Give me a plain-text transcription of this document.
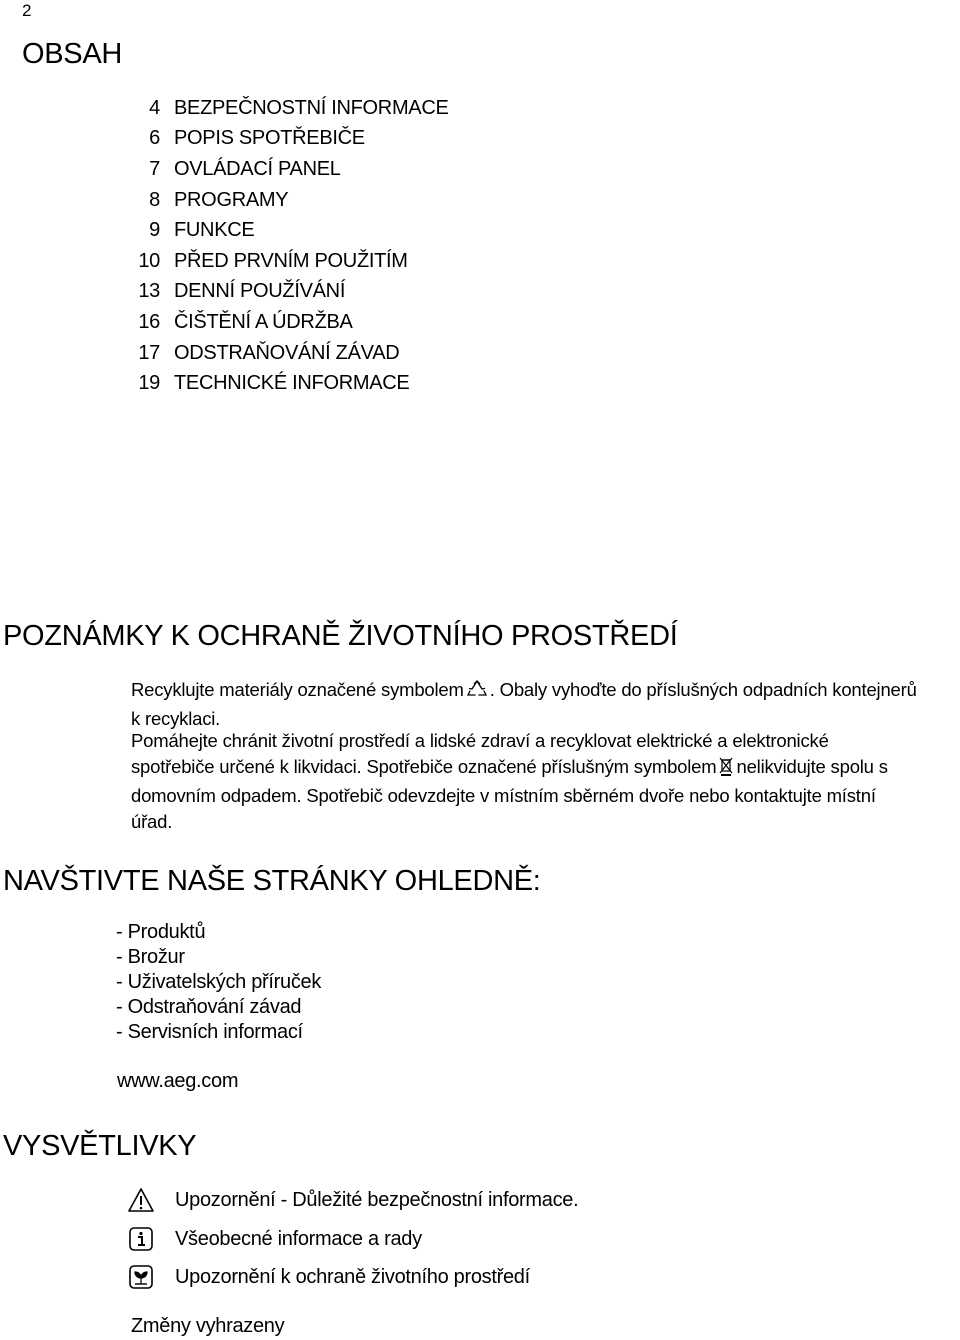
2
OBSAH
4 BEZPEČNOSTNÍ INFORMACE
6 POPIS SPOTŘEBIČE
7 OVLÁDACÍ PANEL
8 PROGRAMY
9 FUNKCE
10 PŘED PRVNÍM POUŽITÍM
13 DENNÍ POUŽÍVÁNÍ
16 ČIŠTĚNÍ A ÚDRŽBA
17 ODSTRAŇOVÁNÍ ZÁVAD
19 TECHNICKÉ INFORMACE
POZNÁMKY K OCHRANĚ ŽIVOTNÍHO PROSTŘEDÍ
Recyklujte materiály označené symbolem . Obaly vyhoďte do příslušných odpadních kontejnerů
k recyklaci.
Pomáhejte chránit životní prostředí a lidské zdraví a recyklovat elektrické a elektronické
spotřebiče určené k likvidaci. Spotřebiče označené příslušným symbolem nelikvidujte spolu s
domovním odpadem. Spotřebič odevzdejte v místním sběrném dvoře nebo kontaktujte místní
úřad.
NAVŠTIVTE NAŠE STRÁNKY OHLEDNĚ:
- Produktů
- Brožur
- Uživatelských příruček
- Odstraňování závad
- Servisních informací
www.aeg.com
VYSVĚTLIVKY
Upozornění - Důležité bezpečnostní informace.
Všeobecné informace a rady
Upozornění k ochraně životního prostředí
Změny vyhrazeny
